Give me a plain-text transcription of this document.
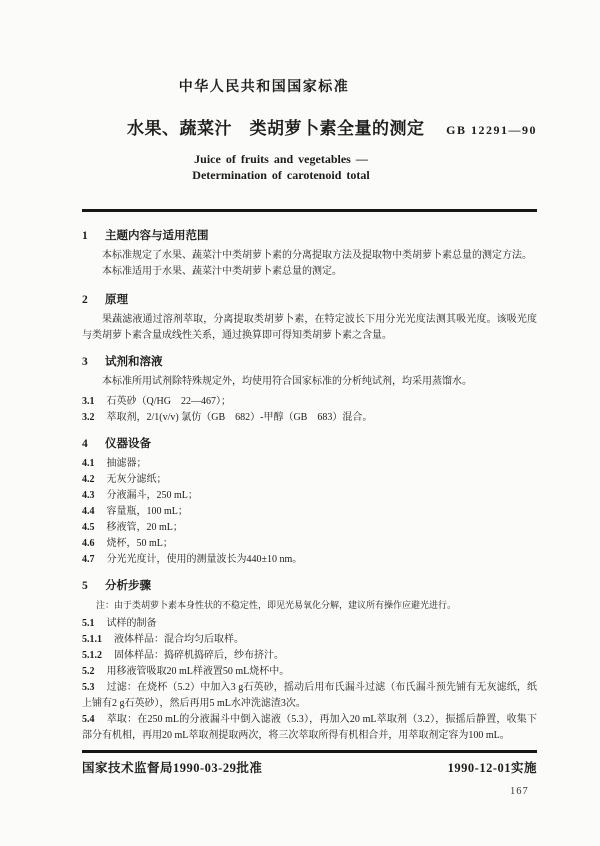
中华人民共和国国家标准
水果、蔬菜汁　类胡萝卜素全量的测定 GB 12291—90
Juice of fruits and vegetables —
Determination of carotenoid total
1 主题内容与适用范围

本标准规定了水果、蔬菜汁中类胡萝卜素的分离提取方法及提取物中类胡萝卜素总量的测定方法。

本标准适用于水果、蔬菜汁中类胡萝卜素总量的测定。

2 原理

果蔬滤液通过溶剂萃取，分离提取类胡萝卜素，在特定波长下用分光光度法测其吸光度。该吸光度与类胡萝卜素含量成线性关系，通过换算即可得知类胡萝卜素之含量。

3 试剂和溶液

本标准所用试剂除特殊规定外，均使用符合国家标准的分析纯试剂，均采用蒸馏水。

3.1 石英砂（Q/HG　22—467）；

3.2 萃取剂，2/1(v/v) 氯仿（GB　682）-甲醇（GB　683）混合。

4 仪器设备

4.1 抽滤器；

4.2 无灰分滤纸；

4.3 分液漏斗，250 mL；

4.4 容量瓶，100 mL；

4.5 移液管，20 mL；

4.6 烧杯，50 mL；

4.7 分光光度计，使用的测量波长为440±10 nm。

5 分析步骤

注：由于类胡萝卜素本身性状的不稳定性，即见光易氧化分解，建议所有操作应避光进行。

5.1 试样的制备

5.1.1 液体样品：混合均匀后取样。

5.1.2 固体样品：捣碎机捣碎后，纱布挤汁。

5.2 用移液管吸取20 mL样液置50 mL烧杯中。

5.3 过滤：在烧杯（5.2）中加入3 g石英砂，摇动后用布氏漏斗过滤（布氏漏斗预先铺有无灰滤纸，纸上铺有2 g石英砂），然后再用5 mL水冲洗滤渣3次。

5.4 萃取：在250 mL的分液漏斗中倒入滤液（5.3），再加入20 mL萃取剂（3.2），振摇后静置，收集下部分有机相，再用20 mL萃取剂提取两次，将三次萃取所得有机相合并，用萃取剂定容为100 mL。

国家技术监督局1990-03-29批准	1990-12-01实施
167
